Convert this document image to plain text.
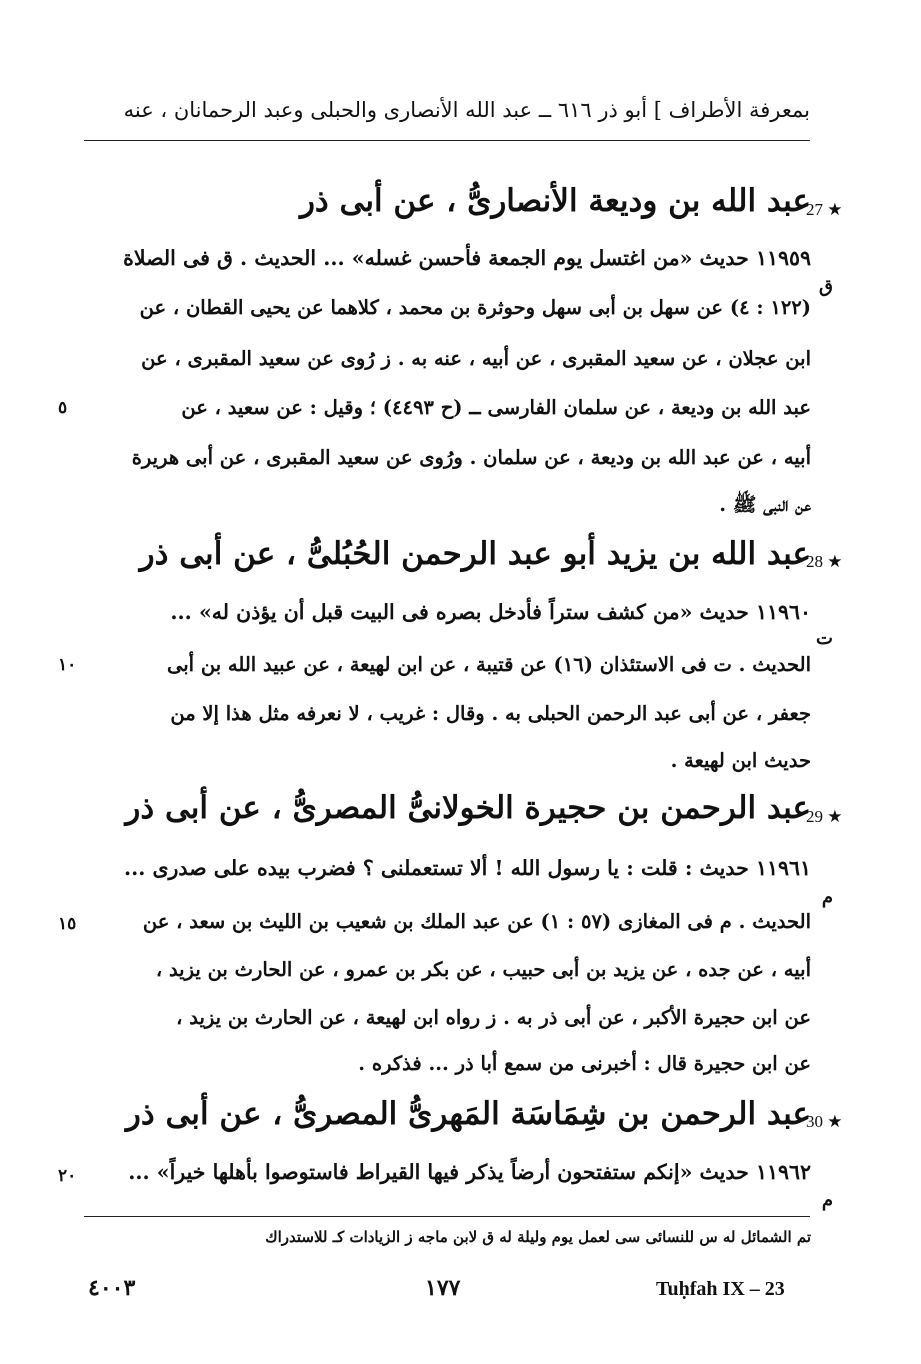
بمعرفة الأطراف ] أبو ذر ٦١٦ ــ عبد الله الأنصارى والحبلى وعبد الرحمانان ، عنه
27 ★
عبد الله بن وديعة الأنصارىُّ ، عن أبى ذر
١١٩٥٩ حديث «من اغتسل يوم الجمعة فأحسن غسله» ... الحديث . ق فى الصلاة
ق
(١٢٢ : ٤) عن سهل بن أبى سهل وحوثرة بن محمد ، كلاهما عن يحيى القطان ، عن
ابن عجلان ، عن سعيد المقبرى ، عن أبيه ، عنه به . ز رُوى عن سعيد المقبرى ، عن
عبد الله بن وديعة ، عن سلمان الفارسى ــ (ح ٤٤٩٣) ؛ وقيل : عن سعيد ، عن
٥
أبيه ، عن عبد الله بن وديعة ، عن سلمان . ورُوى عن سعيد المقبرى ، عن أبى هريرة
عن النبى ﷺ .
28 ★
عبد الله بن يزيد أبو عبد الرحمن الحُبُلىُّ ، عن أبى ذر
١١٩٦٠ حديث «من كشف ستراً فأدخل بصره فى البيت قبل أن يؤذن له» ...
ت
الحديث . ت فى الاستئذان (١٦) عن قتيبة ، عن ابن لهيعة ، عن عبيد الله بن أبى
١٠
جعفر ، عن أبى عبد الرحمن الحبلى به . وقال : غريب ، لا نعرفه مثل هذا إلا من
حديث ابن لهيعة .
29 ★
عبد الرحمن بن حجيرة الخولانىُّ المصرىُّ ، عن أبى ذر
١١٩٦١ حديث : قلت : يا رسول الله ! ألا تستعملنى ؟ فضرب بيده على صدرى ...
م
الحديث . م فى المغازى (٥٧ : ١) عن عبد الملك بن شعيب بن الليث بن سعد ، عن
١٥
أبيه ، عن جده ، عن يزيد بن أبى حبيب ، عن بكر بن عمرو ، عن الحارث بن يزيد ،
عن ابن حجيرة الأكبر ، عن أبى ذر به . ز رواه ابن لهيعة ، عن الحارث بن يزيد ،
عن ابن حجيرة قال : أخبرنى من سمع أبا ذر ... فذكره .
30 ★
عبد الرحمن بن شِمَاسَة المَهرىُّ المصرىُّ ، عن أبى ذر
١١٩٦٢ حديث «إنكم ستفتحون أرضاً يذكر فيها القيراط فاستوصوا بأهلها خيراً» ...
٢٠
م
تم الشمائل له س للنسائى سى لعمل يوم وليلة له ق لابن ماجه ز الزيادات كـ للاستدراك
Tuḥfah IX – 23
١٧٧
٤٠٠٣
